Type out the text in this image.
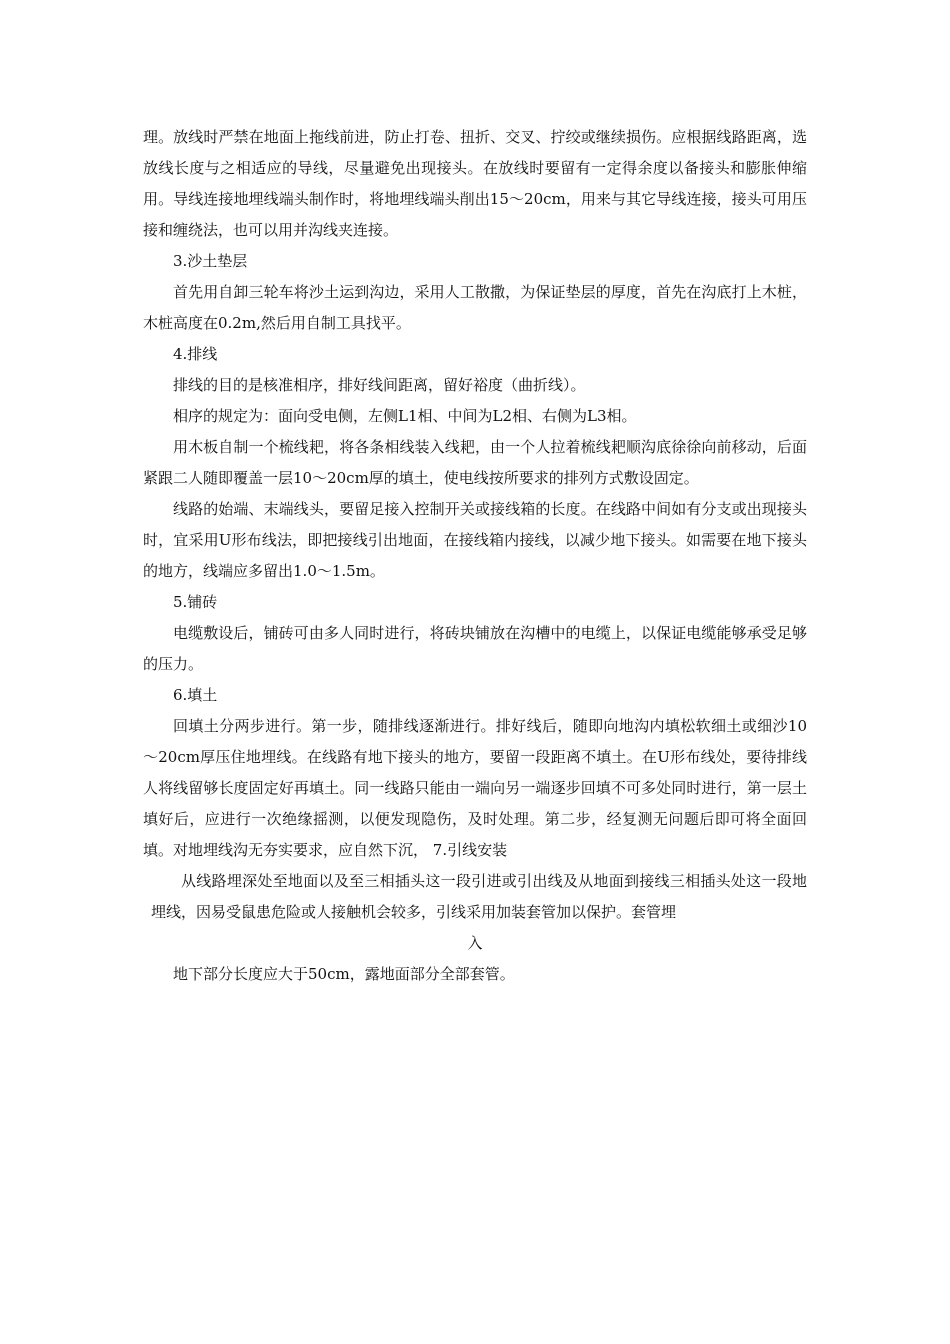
理。放线时严禁在地面上拖线前进，防止打卷、扭折、交叉、拧绞或继续损伤。应根据线路距离，选放线长度与之相适应的导线，尽量避免出现接头。在放线时要留有一定得余度以备接头和膨胀伸缩用。导线连接地埋线端头制作时，将地埋线端头削出15～20cm，用来与其它导线连接，接头可用压接和缠绕法，也可以用并沟线夹连接。

3.沙土垫层

首先用自卸三轮车将沙土运到沟边，采用人工散撒，为保证垫层的厚度，首先在沟底打上木桩，木桩高度在0.2m,然后用自制工具找平。

4.排线

排线的目的是核准相序，排好线间距离，留好裕度（曲折线）。

相序的规定为：面向受电侧，左侧L1相、中间为L2相、右侧为L3相。

用木板自制一个梳线耙，将各条相线装入线耙，由一个人拉着梳线耙顺沟底徐徐向前移动，后面紧跟二人随即覆盖一层10～20cm厚的填土，使电线按所要求的排列方式敷设固定。

线路的始端、末端线头，要留足接入控制开关或接线箱的长度。在线路中间如有分支或出现接头时，宜采用U形布线法，即把接线引出地面，在接线箱内接线，以减少地下接头。如需要在地下接头的地方，线端应多留出1.0～1.5m。

5.铺砖

电缆敷设后，铺砖可由多人同时进行，将砖块铺放在沟槽中的电缆上，以保证电缆能够承受足够的压力。

6.填土

回填土分两步进行。第一步，随排线逐渐进行。排好线后，随即向地沟内填松软细土或细沙10～20cm厚压住地埋线。在线路有地下接头的地方，要留一段距离不填土。在U形布线处，要待排线人将线留够长度固定好再填土。同一线路只能由一端向另一端逐步回填不可多处同时进行，第一层土填好后，应进行一次绝缘摇测，以便发现隐伤，及时处理。第二步，经复测无问题后即可将全面回填。对地埋线沟无夯实要求，应自然下沉， 7.引线安装

从线路埋深处至地面以及至三相插头这一段引进或引出线及从地面到接线三相插头处这一段地埋线，因易受鼠患危险或人接触机会较多，引线采用加装套管加以保护。套管埋

入

地下部分长度应大于50cm，露地面部分全部套管。
